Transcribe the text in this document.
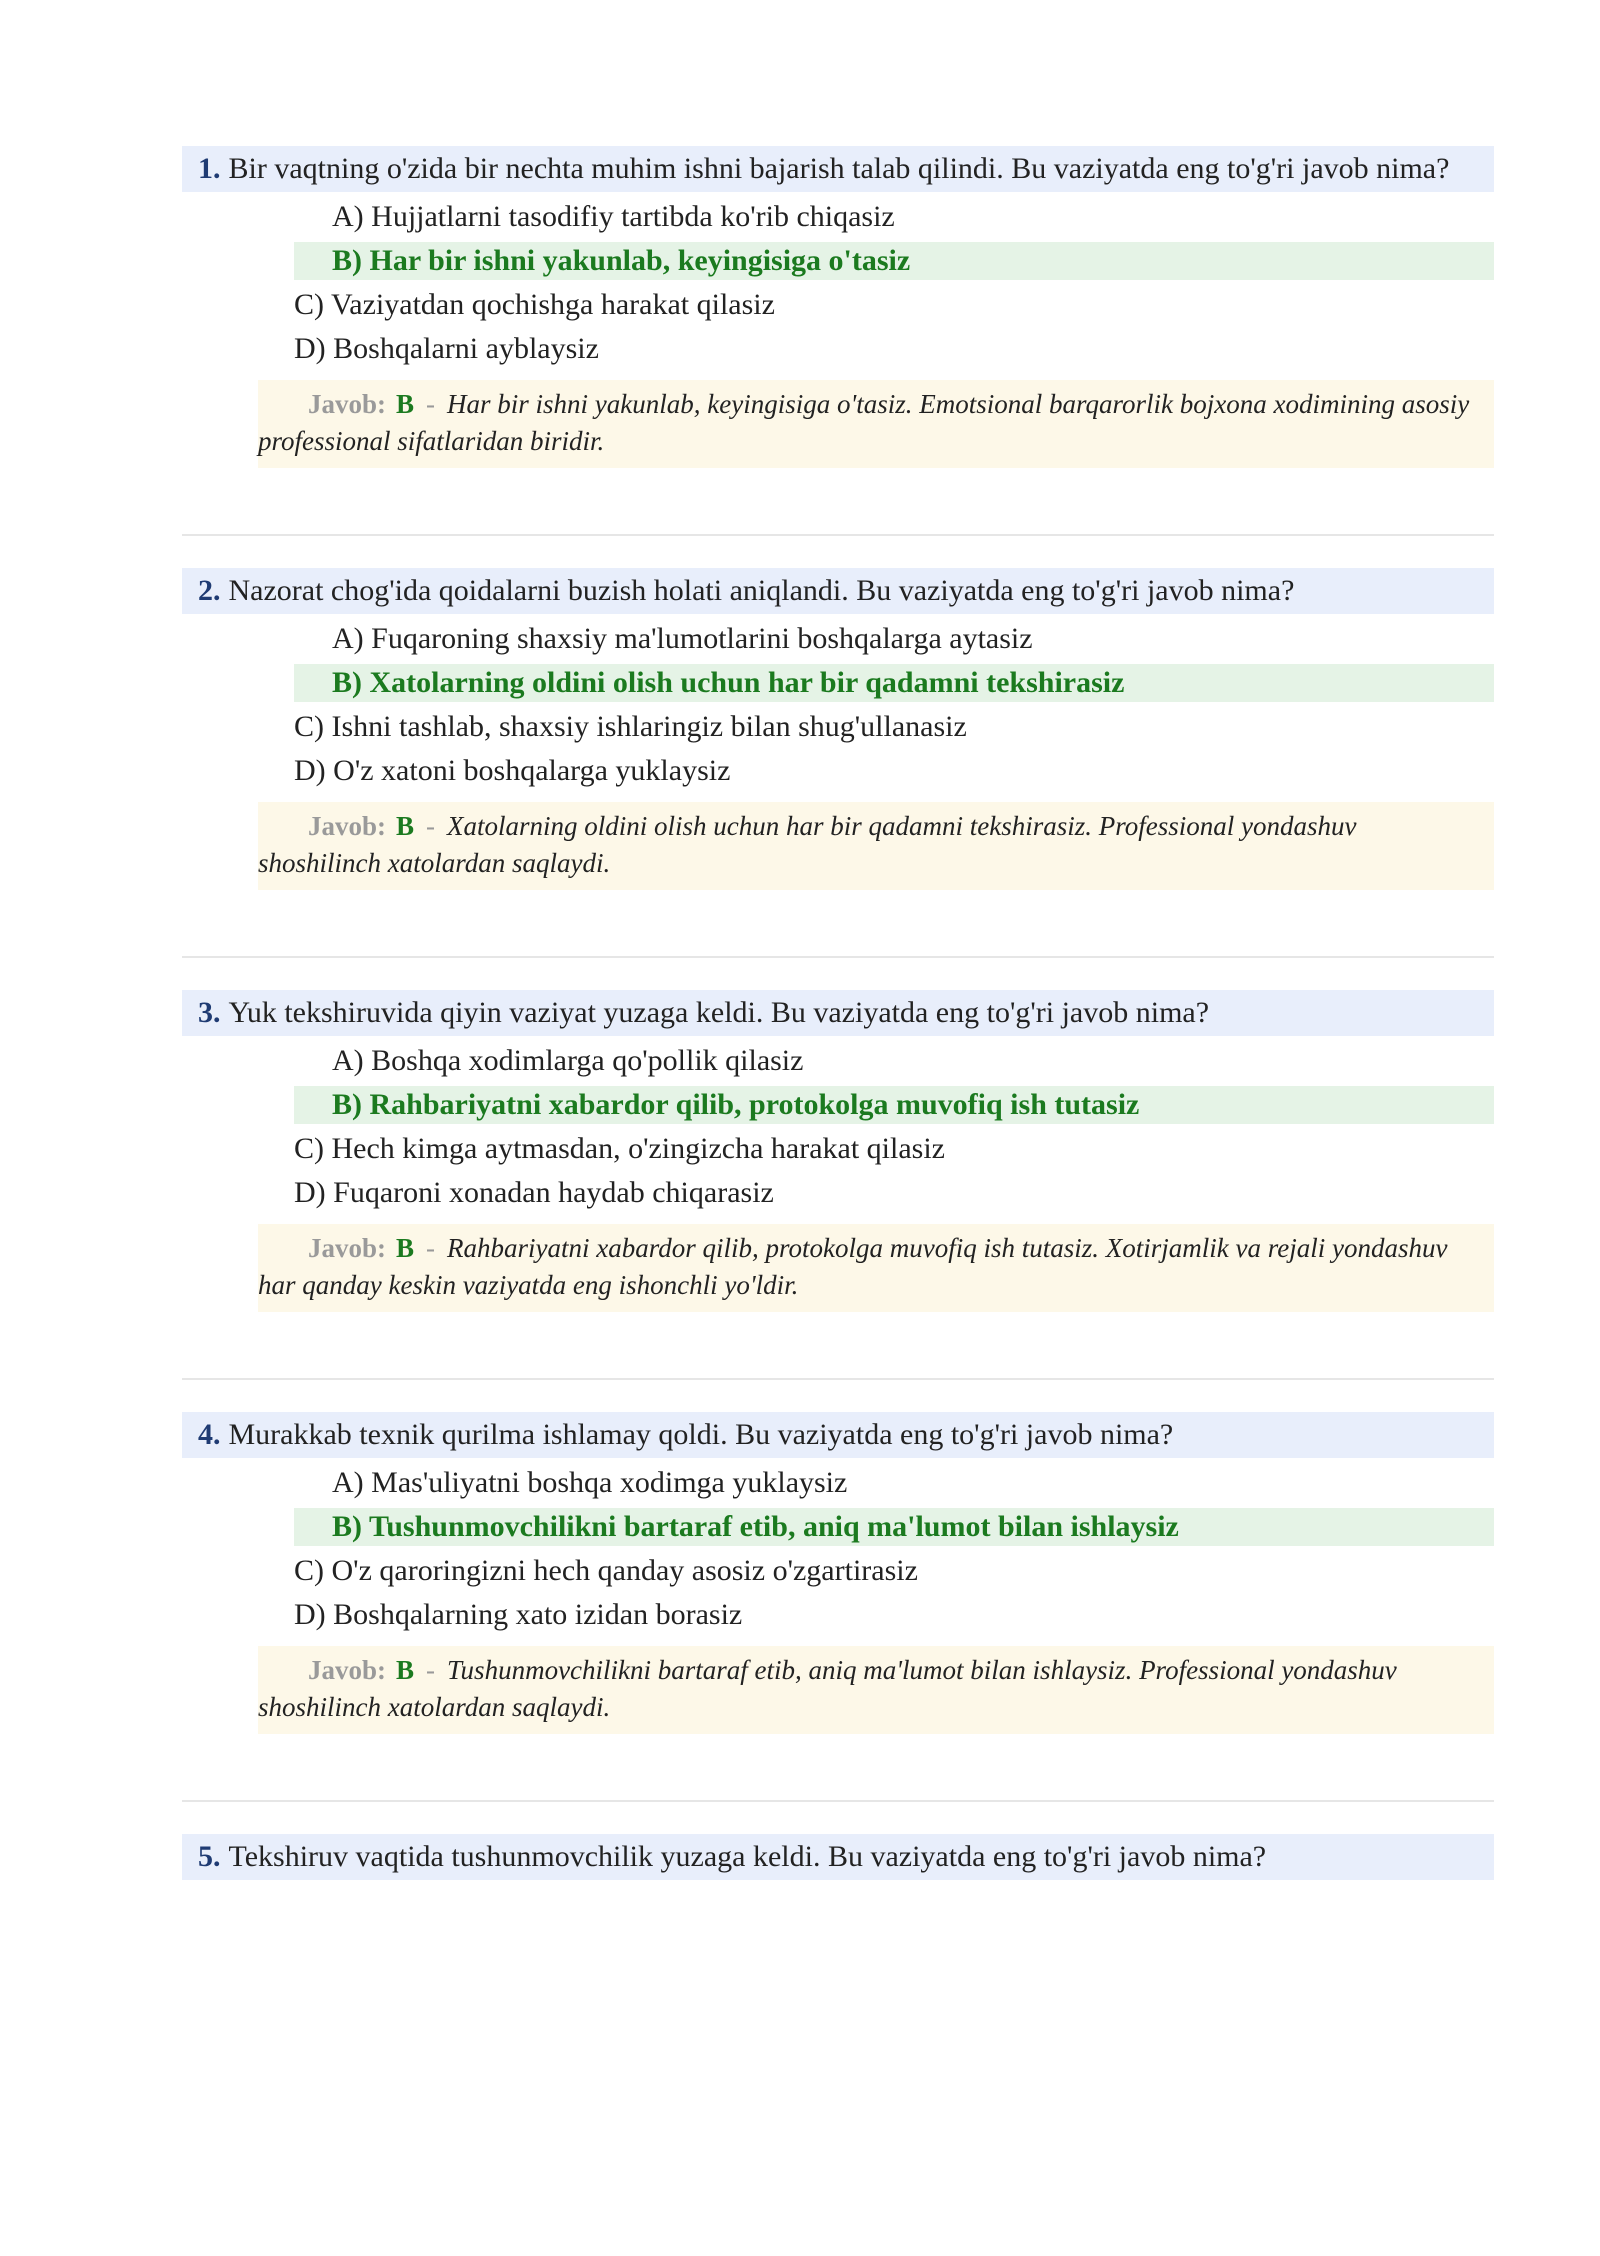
1. Bir vaqtning o'zida bir nechta muhim ishni bajarish talab qilindi. Bu vaziyatda eng to'g'ri javob nima?
A) Hujjatlarni tasodifiy tartibda ko'rib chiqasiz
B) Har bir ishni yakunlab, keyingisiga o'tasiz
C) Vaziyatdan qochishga harakat qilasiz
D) Boshqalarni ayblaysiz
Javob: B - Har bir ishni yakunlab, keyingisiga o'tasiz. Emotsional barqarorlik bojxona xodimining asosiy professional sifatlaridan biridir.
2. Nazorat chog'ida qoidalarni buzish holati aniqlandi. Bu vaziyatda eng to'g'ri javob nima?
A) Fuqaroning shaxsiy ma'lumotlarini boshqalarga aytasiz
B) Xatolarning oldini olish uchun har bir qadamni tekshirasiz
C) Ishni tashlab, shaxsiy ishlaringiz bilan shug'ullanasiz
D) O'z xatoni boshqalarga yuklaysiz
Javob: B - Xatolarning oldini olish uchun har bir qadamni tekshirasiz. Professional yondashuv shoshilinch xatolardan saqlaydi.
3. Yuk tekshiruvida qiyin vaziyat yuzaga keldi. Bu vaziyatda eng to'g'ri javob nima?
A) Boshqa xodimlarga qo'pollik qilasiz
B) Rahbariyatni xabardor qilib, protokolga muvofiq ish tutasiz
C) Hech kimga aytmasdan, o'zingizcha harakat qilasiz
D) Fuqaroni xonadan haydab chiqarasiz
Javob: B - Rahbariyatni xabardor qilib, protokolga muvofiq ish tutasiz. Xotirjamlik va rejali yondashuv har qanday keskin vaziyatda eng ishonchli yo'ldir.
4. Murakkab texnik qurilma ishlamay qoldi. Bu vaziyatda eng to'g'ri javob nima?
A) Mas'uliyatni boshqa xodimga yuklaysiz
B) Tushunmovchilikni bartaraf etib, aniq ma'lumot bilan ishlaysiz
C) O'z qaroringizni hech qanday asosiz o'zgartirasiz
D) Boshqalarning xato izidan borasiz
Javob: B - Tushunmovchilikni bartaraf etib, aniq ma'lumot bilan ishlaysiz. Professional yondashuv shoshilinch xatolardan saqlaydi.
5. Tekshiruv vaqtida tushunmovchilik yuzaga keldi. Bu vaziyatda eng to'g'ri javob nima?
